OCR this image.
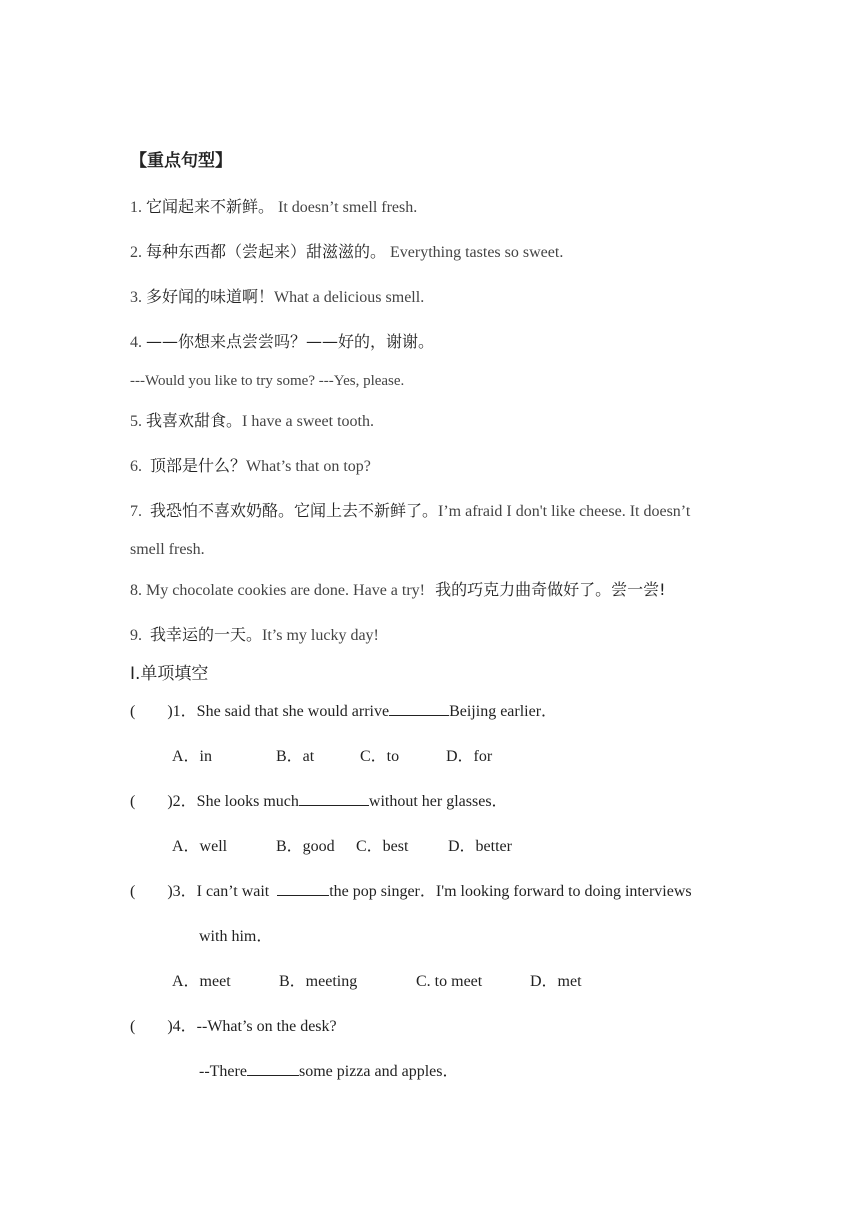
【重点句型】
1. 它闻起来不新鲜。 It doesn’t smell fresh.
2. 每种东西都（尝起来）甜滋滋的。 Everything tastes so sweet.
3. 多好闻的味道啊！What a delicious smell.
4. ——你想来点尝尝吗？——好的，谢谢。
---Would you like to try some? ---Yes, please.
5. 我喜欢甜食。I have a sweet tooth.
6.  顶部是什么？What’s that on top?
7.  我恐怕不喜欢奶酪。它闻上去不新鲜了。I’m afraid I don't like cheese. It doesn’t
smell fresh.
8. My chocolate cookies are done. Have a try!  我的巧克力曲奇做好了。尝一尝!
9.  我幸运的一天。It’s my lucky day!
I.单项填空
( )1．She said that she would arrive	Beijing earlier．
A．in	B．at	C．to	D．for
( )2．She looks much	without her glasses．
A．well	B．good C．best D．better
( )3．I can’t wait	the pop singer．I'm looking forward to doing interviews
with him．
A．meet	B．meeting	C. to meet	D．met
( )4．--What’s on the desk?
--There	some pizza and apples．
